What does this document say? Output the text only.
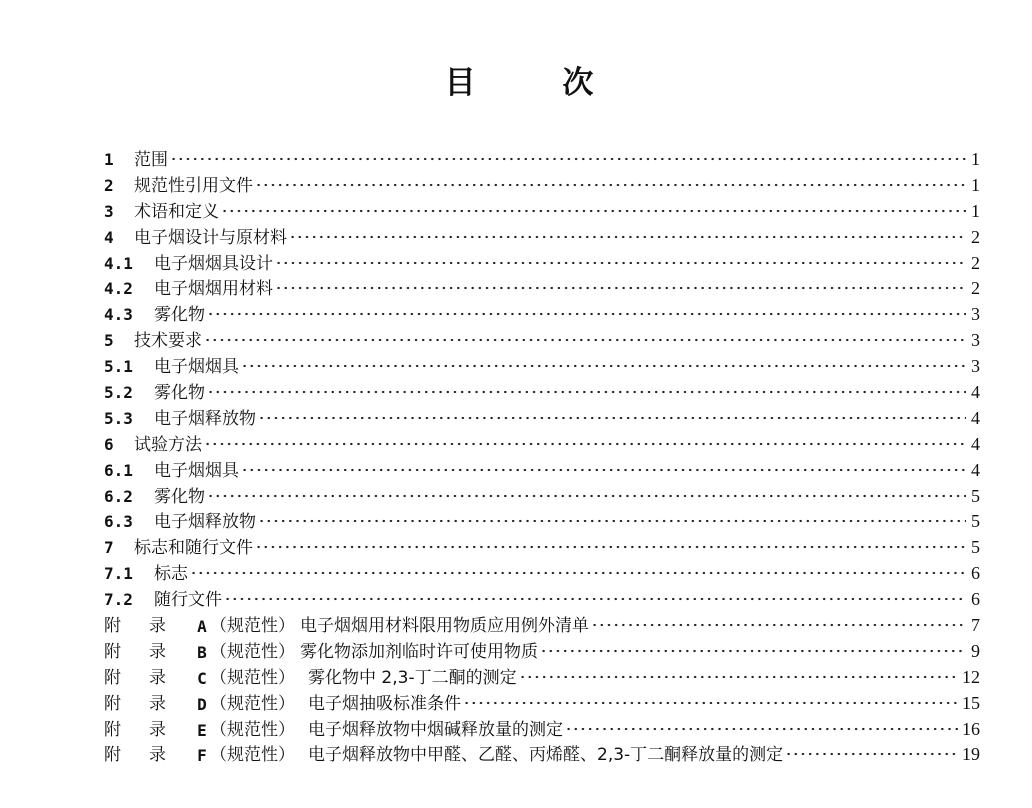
目 次
1	范围	1
2	规范性引用文件	1
3	术语和定义	1
4	电子烟设计与原材料	2
4.1	电子烟烟具设计	2
4.2	电子烟烟用材料	2
4.3	雾化物	3
5	技术要求	3
5.1	电子烟烟具	3
5.2	雾化物	4
5.3	电子烟释放物	4
6	试验方法	4
6.1	电子烟烟具	4
6.2	雾化物	5
6.3	电子烟释放物	5
7	标志和随行文件	5
7.1	标志	6
7.2	随行文件	6
附 录 A （规范性） 电子烟烟用材料限用物质应用例外清单	7
附 录 B （规范性） 雾化物添加剂临时许可使用物质	9
附 录 C （规范性） 雾化物中 2,3-丁二酮的测定	12
附 录 D （规范性） 电子烟抽吸标准条件	15
附 录 E （规范性） 电子烟释放物中烟碱释放量的测定	16
附 录 F （规范性） 电子烟释放物中甲醛、乙醛、丙烯醛、2,3-丁二酮释放量的测定	19
